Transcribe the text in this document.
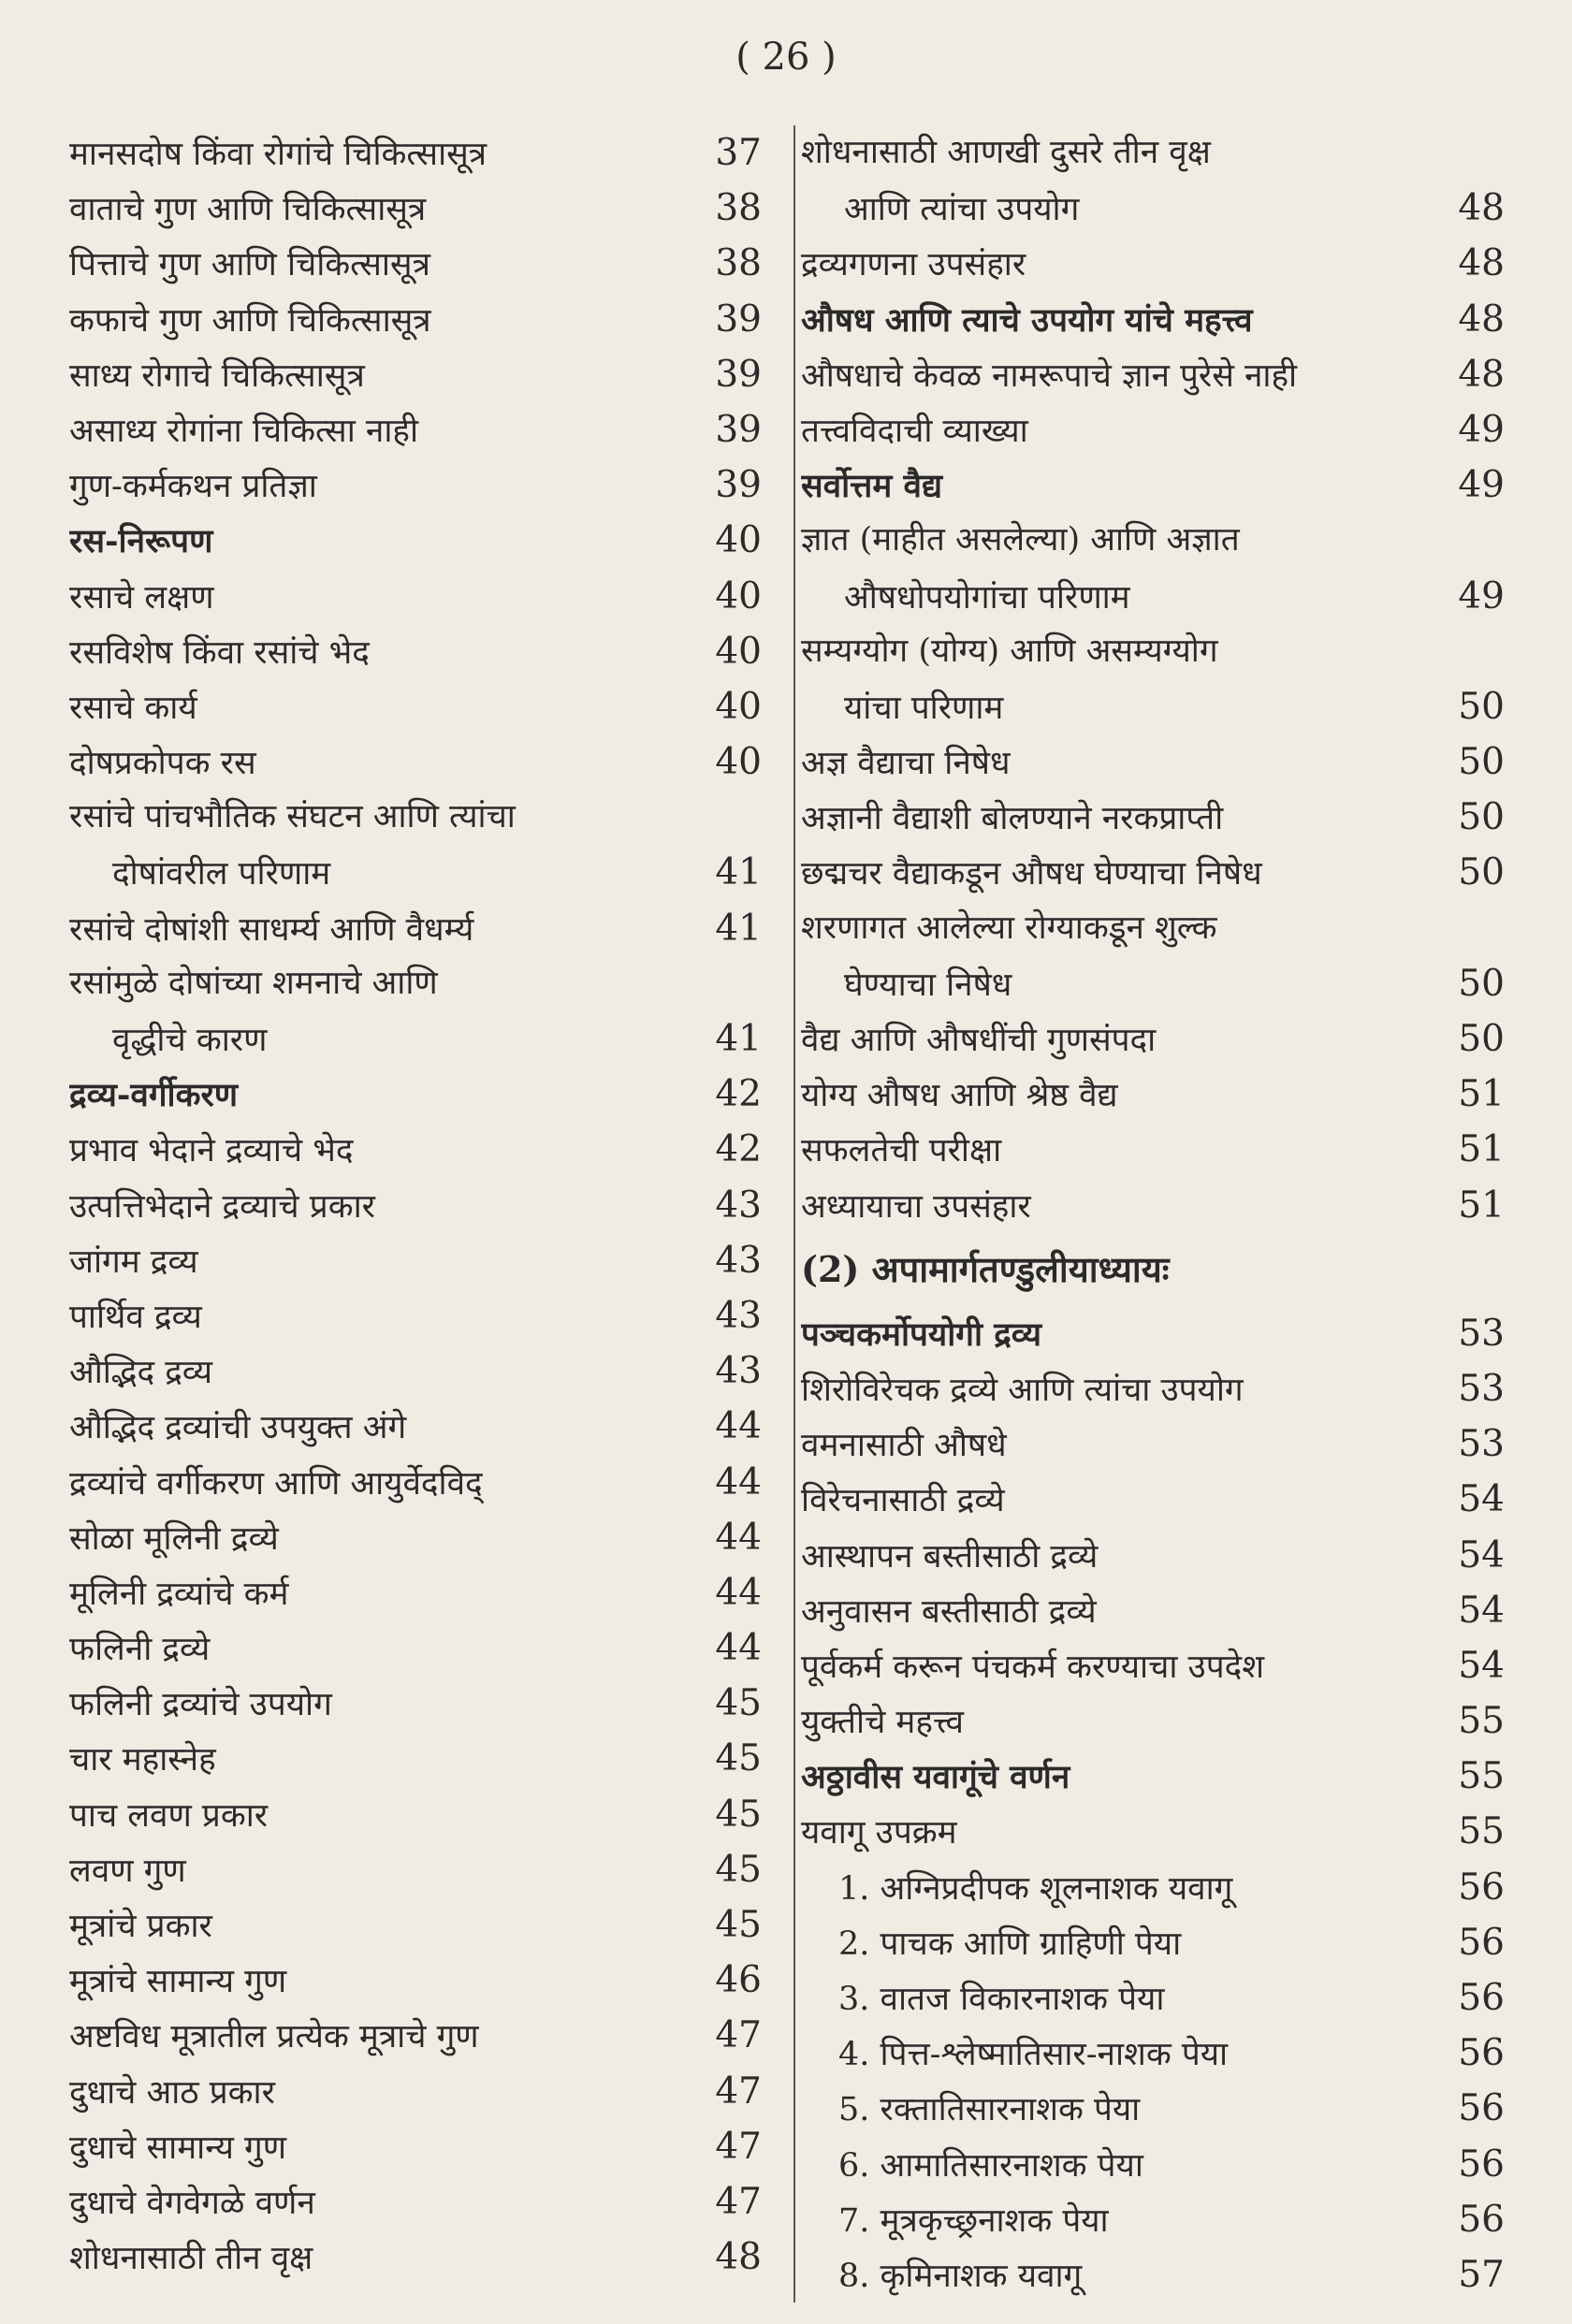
( 26 )
मानसदोष किंवा रोगांचे चिकित्सासूत्र	37
वाताचे गुण आणि चिकित्सासूत्र	38
पित्ताचे गुण आणि चिकित्सासूत्र	38
कफाचे गुण आणि चिकित्सासूत्र	39
साध्य रोगाचे चिकित्सासूत्र	39
असाध्य रोगांना चिकित्सा नाही	39
गुण-कर्मकथन प्रतिज्ञा	39
रस-निरूपण	40
रसाचे लक्षण	40
रसविशेष किंवा रसांचे भेद	40
रसाचे कार्य	40
दोषप्रकोपक रस	40
रसांचे पांचभौतिक संघटन आणि त्यांचा
दोषांवरील परिणाम	41
रसांचे दोषांशी साधर्म्य आणि वैधर्म्य	41
रसांमुळे दोषांच्या शमनाचे आणि
वृद्धीचे कारण	41
द्रव्य-वर्गीकरण	42
प्रभाव भेदाने द्रव्याचे भेद	42
उत्पत्तिभेदाने द्रव्याचे प्रकार	43
जांगम द्रव्य	43
पार्थिव द्रव्य	43
औद्भिद द्रव्य	43
औद्भिद द्रव्यांची उपयुक्त अंगे	44
द्रव्यांचे वर्गीकरण आणि आयुर्वेदविद्	44
सोळा मूलिनी द्रव्ये	44
मूलिनी द्रव्यांचे कर्म	44
फलिनी द्रव्ये	44
फलिनी द्रव्यांचे उपयोग	45
चार महास्नेह	45
पाच लवण प्रकार	45
लवण गुण	45
मूत्रांचे प्रकार	45
मूत्रांचे सामान्य गुण	46
अष्टविध मूत्रातील प्रत्येक मूत्राचे गुण	47
दुधाचे आठ प्रकार	47
दुधाचे सामान्य गुण	47
दुधाचे वेगवेगळे वर्णन	47
शोधनासाठी तीन वृक्ष	48
शोधनासाठी आणखी दुसरे तीन वृक्ष
आणि त्यांचा उपयोग	48
द्रव्यगणना उपसंहार	48
औषध आणि त्याचे उपयोग यांचे महत्त्व	48
औषधाचे केवळ नामरूपाचे ज्ञान पुरेसे नाही	48
तत्त्वविदाची व्याख्या	49
सर्वोत्तम वैद्य	49
ज्ञात (माहीत असलेल्या) आणि अज्ञात
औषधोपयोगांचा परिणाम	49
सम्यग्योग (योग्य) आणि असम्यग्योग
यांचा परिणाम	50
अज्ञ वैद्याचा निषेध	50
अज्ञानी वैद्याशी बोलण्याने नरकप्राप्ती	50
छद्मचर वैद्याकडून औषध घेण्याचा निषेध	50
शरणागत आलेल्या रोग्याकडून शुल्क
घेण्याचा निषेध	50
वैद्य आणि औषधींची गुणसंपदा	50
योग्य औषध आणि श्रेष्ठ वैद्य	51
सफलतेची परीक्षा	51
अध्यायाचा उपसंहार	51
(2) अपामार्गतण्डुलीयाध्यायः
पञ्चकर्मोपयोगी द्रव्य	53
शिरोविरेचक द्रव्ये आणि त्यांचा उपयोग	53
वमनासाठी औषधे	53
विरेचनासाठी द्रव्ये	54
आस्थापन बस्तीसाठी द्रव्ये	54
अनुवासन बस्तीसाठी द्रव्ये	54
पूर्वकर्म करून पंचकर्म करण्याचा उपदेश	54
युक्तीचे महत्त्व	55
अठ्ठावीस यवागूंचे वर्णन	55
यवागू उपक्रम	55
1. अग्निप्रदीपक शूलनाशक यवागू	56
2. पाचक आणि ग्राहिणी पेया	56
3. वातज विकारनाशक पेया	56
4. पित्त-श्लेष्मातिसार-नाशक पेया	56
5. रक्तातिसारनाशक पेया	56
6. आमातिसारनाशक पेया	56
7. मूत्रकृच्छ्रनाशक पेया	56
8. कृमिनाशक यवागू	57
